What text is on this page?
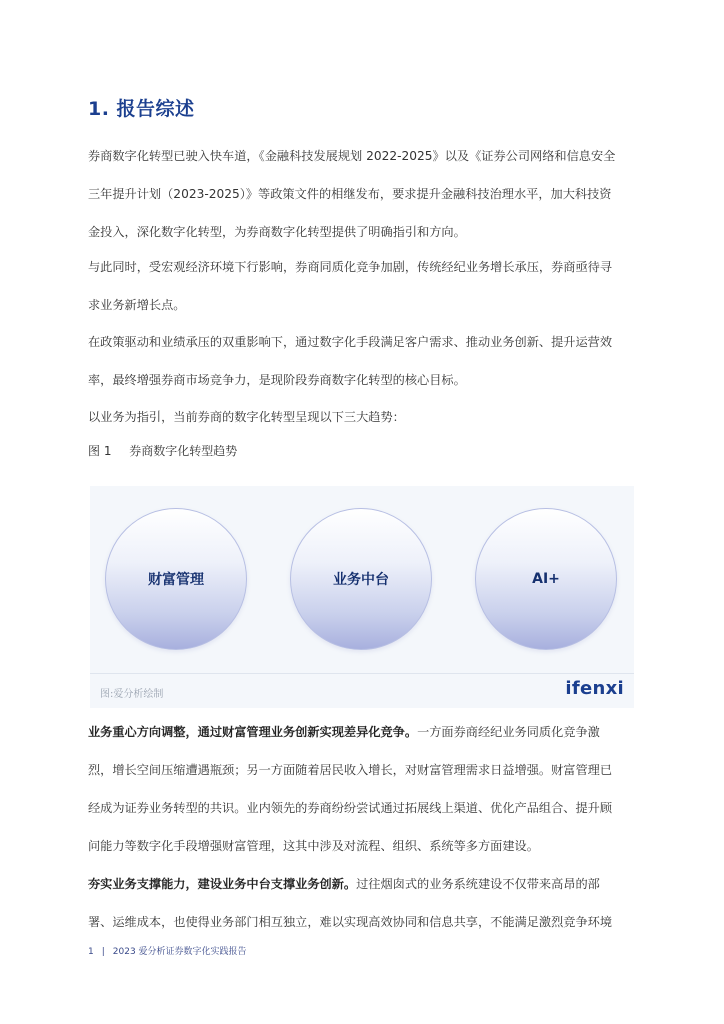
1. 报告综述

券商数字化转型已驶入快车道，《金融科技发展规划 2022-2025》以及《证券公司网络和信息安全
三年提升计划（2023-2025）》等政策文件的相继发布，要求提升金融科技治理水平，加大科技资
金投入，深化数字化转型，为券商数字化转型提供了明确指引和方向。

与此同时，受宏观经济环境下行影响，券商同质化竞争加剧，传统经纪业务增长承压，券商亟待寻
求业务新增长点。

在政策驱动和业绩承压的双重影响下，通过数字化手段满足客户需求、推动业务创新、提升运营效
率，最终增强券商市场竞争力，是现阶段券商数字化转型的核心目标。

以业务为指引，当前券商的数字化转型呈现以下三大趋势：

图 1 券商数字化转型趋势
财富管理	业务中台	AI+
图:爱分析绘制	ifenxi

业务重心方向调整，通过财富管理业务创新实现差异化竞争。一方面券商经纪业务同质化竞争激
烈，增长空间压缩遭遇瓶颈；另一方面随着居民收入增长，对财富管理需求日益增强。财富管理已
经成为证券业务转型的共识。业内领先的券商纷纷尝试通过拓展线上渠道、优化产品组合、提升顾
问能力等数字化手段增强财富管理，这其中涉及对流程、组织、系统等多方面建设。

夯实业务支撑能力，建设业务中台支撑业务创新。过往烟囱式的业务系统建设不仅带来高昂的部
署、运维成本，也使得业务部门相互独立，难以实现高效协同和信息共享，不能满足激烈竞争环境

1 | 2023 爱分析证券数字化实践报告
